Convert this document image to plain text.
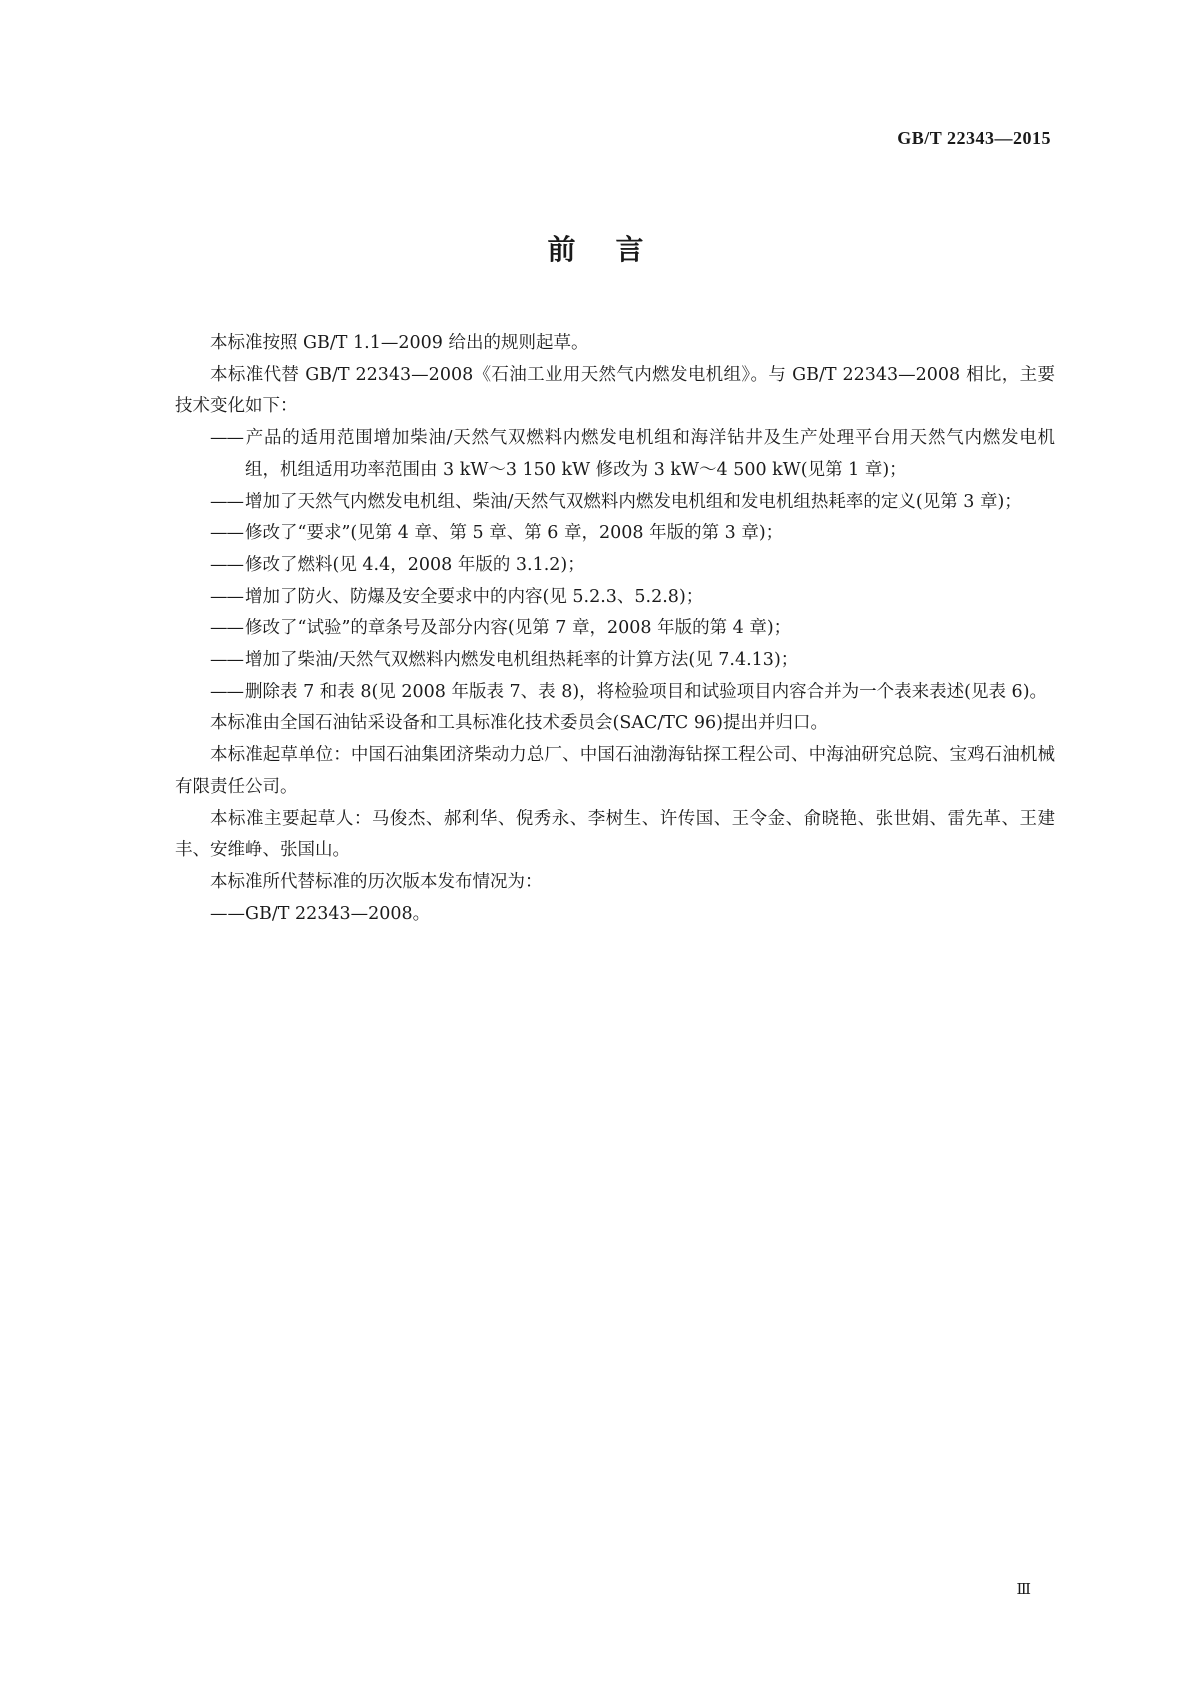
GB/T 22343—2015
前言

本标准按照 GB/T 1.1—2009 给出的规则起草。

本标准代替 GB/T 22343—2008《石油工业用天然气内燃发电机组》。与 GB/T 22343—2008 相比，主要技术变化如下：

—— 产品的适用范围增加柴油/天然气双燃料内燃发电机组和海洋钻井及生产处理平台用天然气内燃发电机组，机组适用功率范围由 3 kW～3 150 kW 修改为 3 kW～4 500 kW(见第 1 章)；

—— 增加了天然气内燃发电机组、柴油/天然气双燃料内燃发电机组和发电机组热耗率的定义(见第 3 章)；

—— 修改了“要求”(见第 4 章、第 5 章、第 6 章，2008 年版的第 3 章)；

—— 修改了燃料(见 4.4，2008 年版的 3.1.2)；

—— 增加了防火、防爆及安全要求中的内容(见 5.2.3、5.2.8)；

—— 修改了“试验”的章条号及部分内容(见第 7 章，2008 年版的第 4 章)；

—— 增加了柴油/天然气双燃料内燃发电机组热耗率的计算方法(见 7.4.13)；

—— 删除表 7 和表 8(见 2008 年版表 7、表 8)，将检验项目和试验项目内容合并为一个表来表述(见表 6)。

本标准由全国石油钻采设备和工具标准化技术委员会(SAC/TC 96)提出并归口。

本标准起草单位：中国石油集团济柴动力总厂、中国石油渤海钻探工程公司、中海油研究总院、宝鸡石油机械有限责任公司。

本标准主要起草人：马俊杰、郝利华、倪秀永、李树生、许传国、王令金、俞晓艳、张世娟、雷先革、王建丰、安维峥、张国山。

本标准所代替标准的历次版本发布情况为：

——GB/T 22343—2008。

Ⅲ
